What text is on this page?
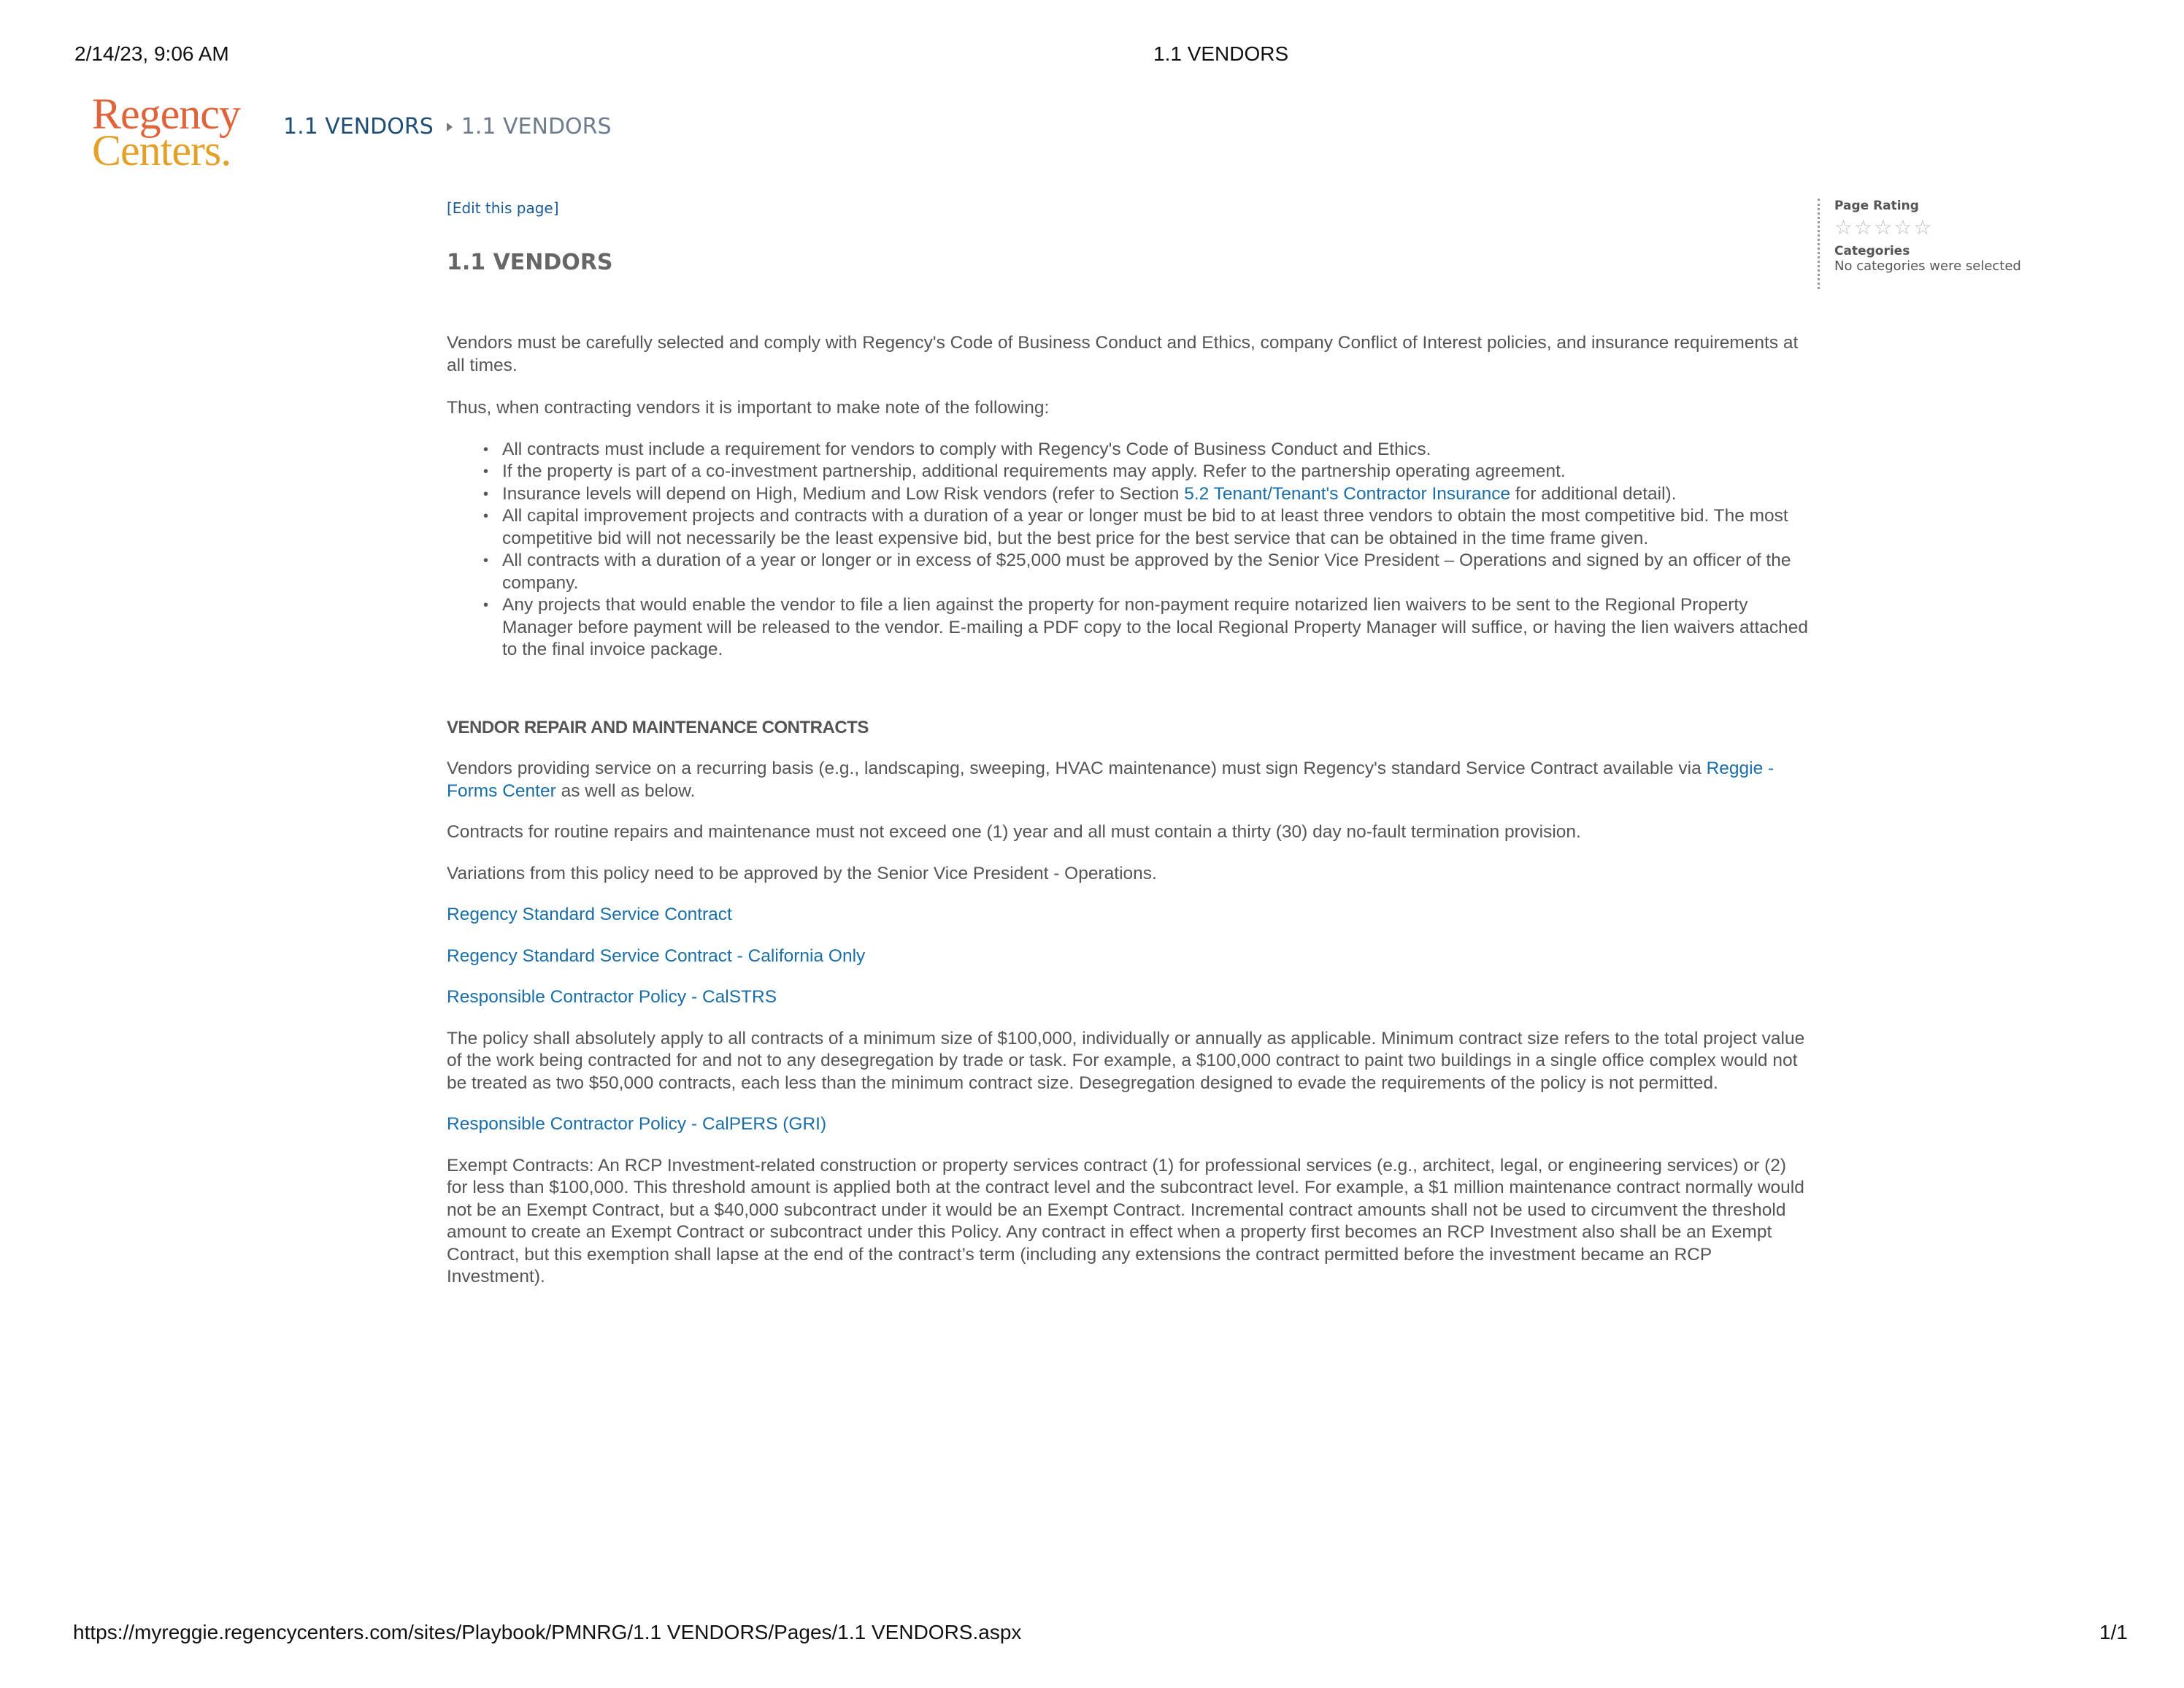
2/14/23, 9:06 AM	1.1 VENDORS
Regency
Centers. 1.1 VENDORS 1.1 VENDORS
[Edit this page]
1.1 VENDORS

Vendors must be carefully selected and comply with Regency's Code of Business Conduct and Ethics, company Conflict of Interest policies, and insurance requirements at all times.

Thus, when contracting vendors it is important to make note of the following:

• All contracts must include a requirement for vendors to comply with Regency's Code of Business Conduct and Ethics.
• If the property is part of a co-investment partnership, additional requirements may apply. Refer to the partnership operating agreement.
• Insurance levels will depend on High, Medium and Low Risk vendors (refer to Section 5.2 Tenant/Tenant's Contractor Insurance for additional detail).
• All capital improvement projects and contracts with a duration of a year or longer must be bid to at least three vendors to obtain the most competitive bid. The most competitive bid will not necessarily be the least expensive bid, but the best price for the best service that can be obtained in the time frame given.
• All contracts with a duration of a year or longer or in excess of $25,000 must be approved by the Senior Vice President – Operations and signed by an officer of the company.
• Any projects that would enable the vendor to file a lien against the property for non-payment require notarized lien waivers to be sent to the Regional Property Manager before payment will be released to the vendor. E-mailing a PDF copy to the local Regional Property Manager will suffice, or having the lien waivers attached to the final invoice package.

VENDOR REPAIR AND MAINTENANCE CONTRACTS

Vendors providing service on a recurring basis (e.g., landscaping, sweeping, HVAC maintenance) must sign Regency's standard Service Contract available via Reggie - Forms Center as well as below.

Contracts for routine repairs and maintenance must not exceed one (1) year and all must contain a thirty (30) day no-fault termination provision.

Variations from this policy need to be approved by the Senior Vice President - Operations.

Regency Standard Service Contract

Regency Standard Service Contract - California Only

Responsible Contractor Policy - CalSTRS

The policy shall absolutely apply to all contracts of a minimum size of $100,000, individually or annually as applicable. Minimum contract size refers to the total project value of the work being contracted for and not to any desegregation by trade or task. For example, a $100,000 contract to paint two buildings in a single office complex would not be treated as two $50,000 contracts, each less than the minimum contract size. Desegregation designed to evade the requirements of the policy is not permitted.

Responsible Contractor Policy - CalPERS (GRI)

Exempt Contracts: An RCP Investment-related construction or property services contract (1) for professional services (e.g., architect, legal, or engineering services) or (2) for less than $100,000. This threshold amount is applied both at the contract level and the subcontract level. For example, a $1 million maintenance contract normally would not be an Exempt Contract, but a $40,000 subcontract under it would be an Exempt Contract. Incremental contract amounts shall not be used to circumvent the threshold amount to create an Exempt Contract or subcontract under this Policy. Any contract in effect when a property first becomes an RCP Investment also shall be an Exempt Contract, but this exemption shall lapse at the end of the contract’s term (including any extensions the contract permitted before the investment became an RCP Investment).

Page Rating
☆☆☆☆☆
Categories
No categories were selected
https://myreggie.regencycenters.com/sites/Playbook/PMNRG/1.1 VENDORS/Pages/1.1 VENDORS.aspx	1/1
